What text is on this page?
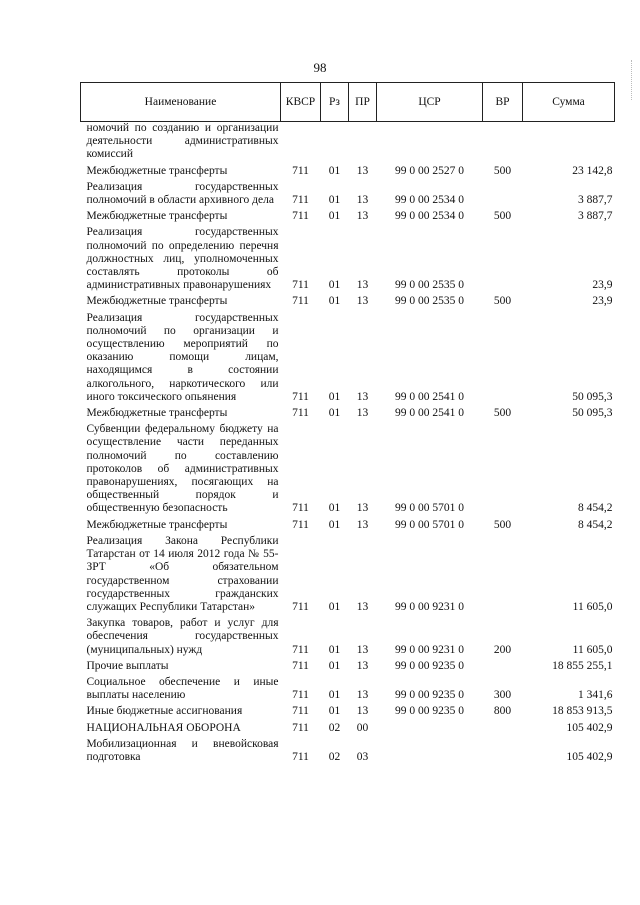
98
Наименование	КВСР	Рз	ПР	ЦСР	ВР	Сумма
номочий по созданию и организации деятельности административных комиссий						
Межбюджетные трансферты	711	01	13	99 0 00 2527 0	500	23 142,8
Реализация государственных полномочий в области архивного дела	711	01	13	99 0 00 2534 0		3 887,7
Межбюджетные трансферты	711	01	13	99 0 00 2534 0	500	3 887,7
Реализация государственных полномочий по определению перечня должностных лиц, уполномоченных составлять протоколы об административных правонарушениях	711	01	13	99 0 00 2535 0		23,9
Межбюджетные трансферты	711	01	13	99 0 00 2535 0	500	23,9
Реализация государственных полномочий по организации и осуществлению мероприятий по оказанию помощи лицам, находящимся в состоянии алкогольного, наркотического или иного токсического опьянения	711	01	13	99 0 00 2541 0		50 095,3
Межбюджетные трансферты	711	01	13	99 0 00 2541 0	500	50 095,3
Субвенции федеральному бюджету на осуществление части переданных полномочий по составлению протоколов об административных правонарушениях, посягающих на общественный порядок и общественную безопасность	711	01	13	99 0 00 5701 0		8 454,2
Межбюджетные трансферты	711	01	13	99 0 00 5701 0	500	8 454,2
Реализация Закона Республики Татарстан от 14 июля 2012 года № 55-ЗРТ «Об обязательном государственном страховании государственных гражданских служащих Республики Татарстан»	711	01	13	99 0 00 9231 0		11 605,0
Закупка товаров, работ и услуг для обеспечения государственных (муниципальных) нужд	711	01	13	99 0 00 9231 0	200	11 605,0
Прочие выплаты	711	01	13	99 0 00 9235 0		18 855 255,1
Социальное обеспечение и иные выплаты населению	711	01	13	99 0 00 9235 0	300	1 341,6
Иные бюджетные ассигнования	711	01	13	99 0 00 9235 0	800	18 853 913,5
НАЦИОНАЛЬНАЯ ОБОРОНА	711	02	00			105 402,9
Мобилизационная и вневойсковая подготовка	711	02	03			105 402,9
